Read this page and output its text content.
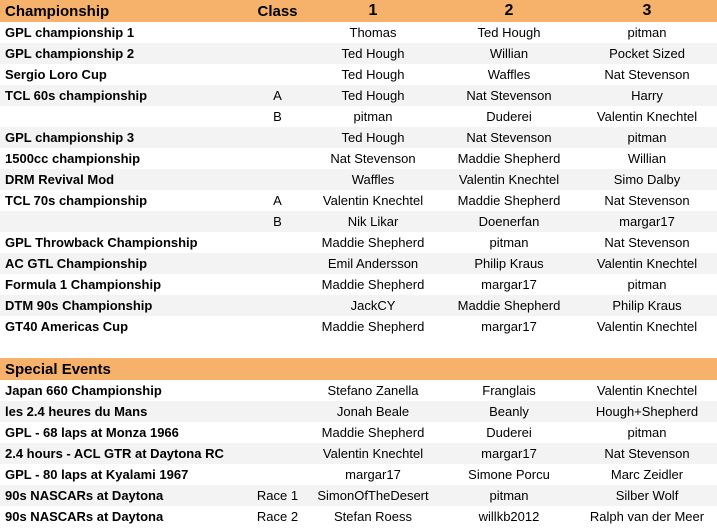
Championship	Class	1	2	3
GPL championship 1		Thomas	Ted Hough	pitman
GPL championship 2		Ted Hough	Willian	Pocket Sized
Sergio Loro Cup		Ted Hough	Waffles	Nat Stevenson
TCL 60s championship	A	Ted Hough	Nat Stevenson	Harry
	B	pitman	Duderei	Valentin Knechtel
GPL championship 3		Ted Hough	Nat Stevenson	pitman
1500cc championship		Nat Stevenson	Maddie Shepherd	Willian
DRM Revival Mod		Waffles	Valentin Knechtel	Simo Dalby
TCL 70s championship	A	Valentin Knechtel	Maddie Shepherd	Nat Stevenson
	B	Nik Likar	Doenerfan	margar17
GPL Throwback Championship		Maddie Shepherd	pitman	Nat Stevenson
AC GTL Championship		Emil Andersson	Philip Kraus	Valentin Knechtel
Formula 1 Championship		Maddie Shepherd	margar17	pitman
DTM 90s Championship		JackCY	Maddie Shepherd	Philip Kraus
GT40 Americas Cup		Maddie Shepherd	margar17	Valentin Knechtel

Special Events				
Japan 660 Championship		Stefano Zanella	Franglais	Valentin Knechtel
les 2.4 heures du Mans		Jonah Beale	Beanly	Hough+Shepherd
GPL - 68 laps at Monza 1966		Maddie Shepherd	Duderei	pitman
2.4 hours - ACL GTR at Daytona RC		Valentin Knechtel	margar17	Nat Stevenson
GPL - 80 laps at Kyalami 1967		margar17	Simone Porcu	Marc Zeidler
90s NASCARs at Daytona	Race 1	SimonOfTheDesert	pitman	Silber Wolf
90s NASCARs at Daytona	Race 2	Stefan Roess	willkb2012	Ralph van der Meer
